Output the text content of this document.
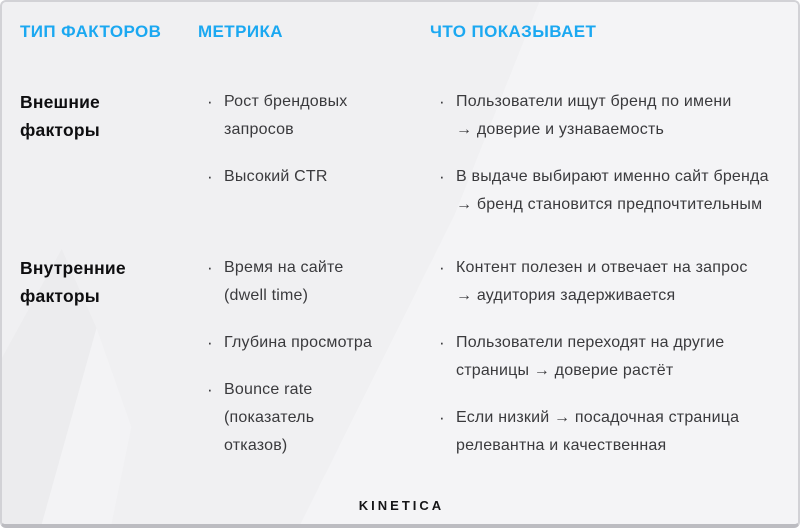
ТИП ФАКТОРОВ	МЕТРИКА	ЧТО ПОКАЗЫВАЕТ
Внешние
факторы
· Рост брендовых
запросов
· Высокий CTR
· Пользователи ищут бренд по имени
→ доверие и узнаваемость
· В выдаче выбирают именно сайт бренда
→ бренд становится предпочтительным
Внутренние
факторы
· Время на сайте
(dwell time)
· Глубина просмотра
· Bounce rate
(показатель
отказов)
· Контент полезен и отвечает на запрос
→ аудитория задерживается
· Пользователи переходят на другие
страницы → доверие растёт
· Если низкий → посадочная страница
релевантна и качественная
KINETICA
